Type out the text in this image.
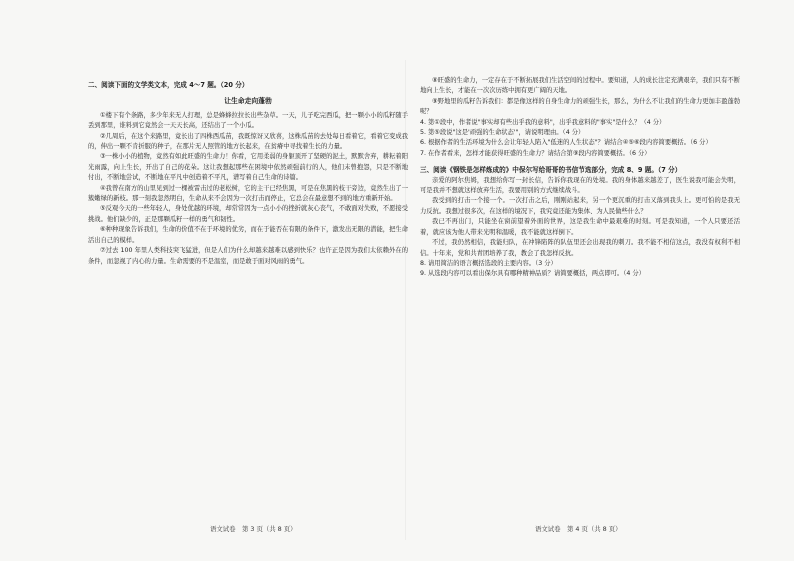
二、阅读下面的文学类文本，完成 4～7 题。（20 分）
让生命走向蓬勃

①楼下有个条路，多少年来无人打理，总是蜂蜂拉拉长出些杂草。一天，儿子吃完西瓜，把一颗小小的瓜籽随手丢到那里，谁料到它竟然会一天天长高，还结出了一个小瓜。

②几周后，在这个来路里，竟长出了四株西瓜苗，我既惊讶又欣喜，这株瓜苗的去处每日看着它，看着它变成我的，伸出一颗不肯折服的种子，在那片无人照管的地方长起来，在贫瘠中寻找着生长的力量。

③一株小小的植物，竟然有如此旺盛的生命力！你看，它用柔弱的身躯顶开了坚硬的泥土，默默舍弃，耕耘着阳光雨露，向上生长，开出了自己的花朵。这让我想起那些在困境中依然顽强前行的人，他们未曾抱怨，只是不断地付出，不断地尝试，不断地在平凡中创造着不平凡，谱写着自己生命的诗篇。

④我曾在南方的山里见到过一棵被雷击过的老松树，它的主干已经焦黑，可是在焦黑的枝干旁边，竟然生出了一簇嫩绿的新枝。那一刻我忽然明白，生命从来不会因为一次打击而停止，它总会在最意想不到的地方重新开始。

⑤反观今天的一些年轻人，身处优越的环境，却常常因为一点小小的挫折就灰心丧气，不敢面对失败，不愿接受挑战。他们缺少的，正是那颗瓜籽一样的勇气和韧性。

⑥种种现象告诉我们，生命的价值不在于环境的优劣，而在于能否在有限的条件下，激发出无限的潜能，把生命活出自己的模样。

⑦过去 100 年里人类科技突飞猛进，但是人们为什么却越来越难以感到快乐？也许正是因为我们太依赖外在的条件，而忽视了内心的力量。生命需要的不是温室，而是敢于面对风雨的勇气。

⑧旺盛的生命力，一定存在于不断拓展我们生活空间的过程中。要知道，人的成长注定充满艰辛，我们只有不断地向上生长，才能在一次次历练中拥有更广阔的天地。

⑨野地里的瓜籽告诉我们：都是像这样的自身生命力的顽强生长，那么，为什么不让我们的生命力更加丰盈蓬勃呢？

4. 第①段中，作者说"事实却有些出乎我的意料"，出乎我意料的"事实"是什么？（4 分）
5. 第⑤段说"这是'顽强的生命状态'"，请说明理由。（4 分）
6. 根据作者的生活环境为什么会让年轻人陷入"低迷的人生状态"？请结合④⑤⑥段内容简要概括。（6 分）
7. 在作者看来，怎样才能获得旺盛的生命力？请结合第⑨段内容简要概括。（6 分）
三、阅读《钢铁是怎样炼成的》中保尔写给哥哥的书信节选部分，完成 8、9 题。（7 分）

亲爱的阿尔焦姆，我想给你写一封长信，告诉你我现在的处境。我的身体越来越差了，医生说我可能会失明，可是我并不想就这样放弃生活，我要用别的方式继续战斗。

我受到的打击一个接一个。一次打击之后，刚刚站起来，另一个更沉重的打击又落到我头上。更可怕的是我无力反抗。我想过很多次，在这样的境况下，我究竟还能为集体、为人民做些什么？

我已不再出门，只能坐在窗前望着外面的世界，这是我生命中最艰难的时刻。可是我知道，一个人只要还活着，就应该为他人带来光明和温暖，我不能就这样倒下。

不过，我仍然相信，我能归队，在冲锋陷阵的队伍里还会出现我的刺刀。我不能不相信这点，我没有权利不相信。十年来，党和共青团培养了我，教会了我怎样反抗。

8. 请用简洁的语言概括选段的主要内容。（3 分）
9. 从选段内容可以看出保尔具有哪种精神品质？请简要概括，两点即可。（4 分）
语文试卷　第 3 页（共 8 页）	语文试卷　第 4 页（共 8 页）
